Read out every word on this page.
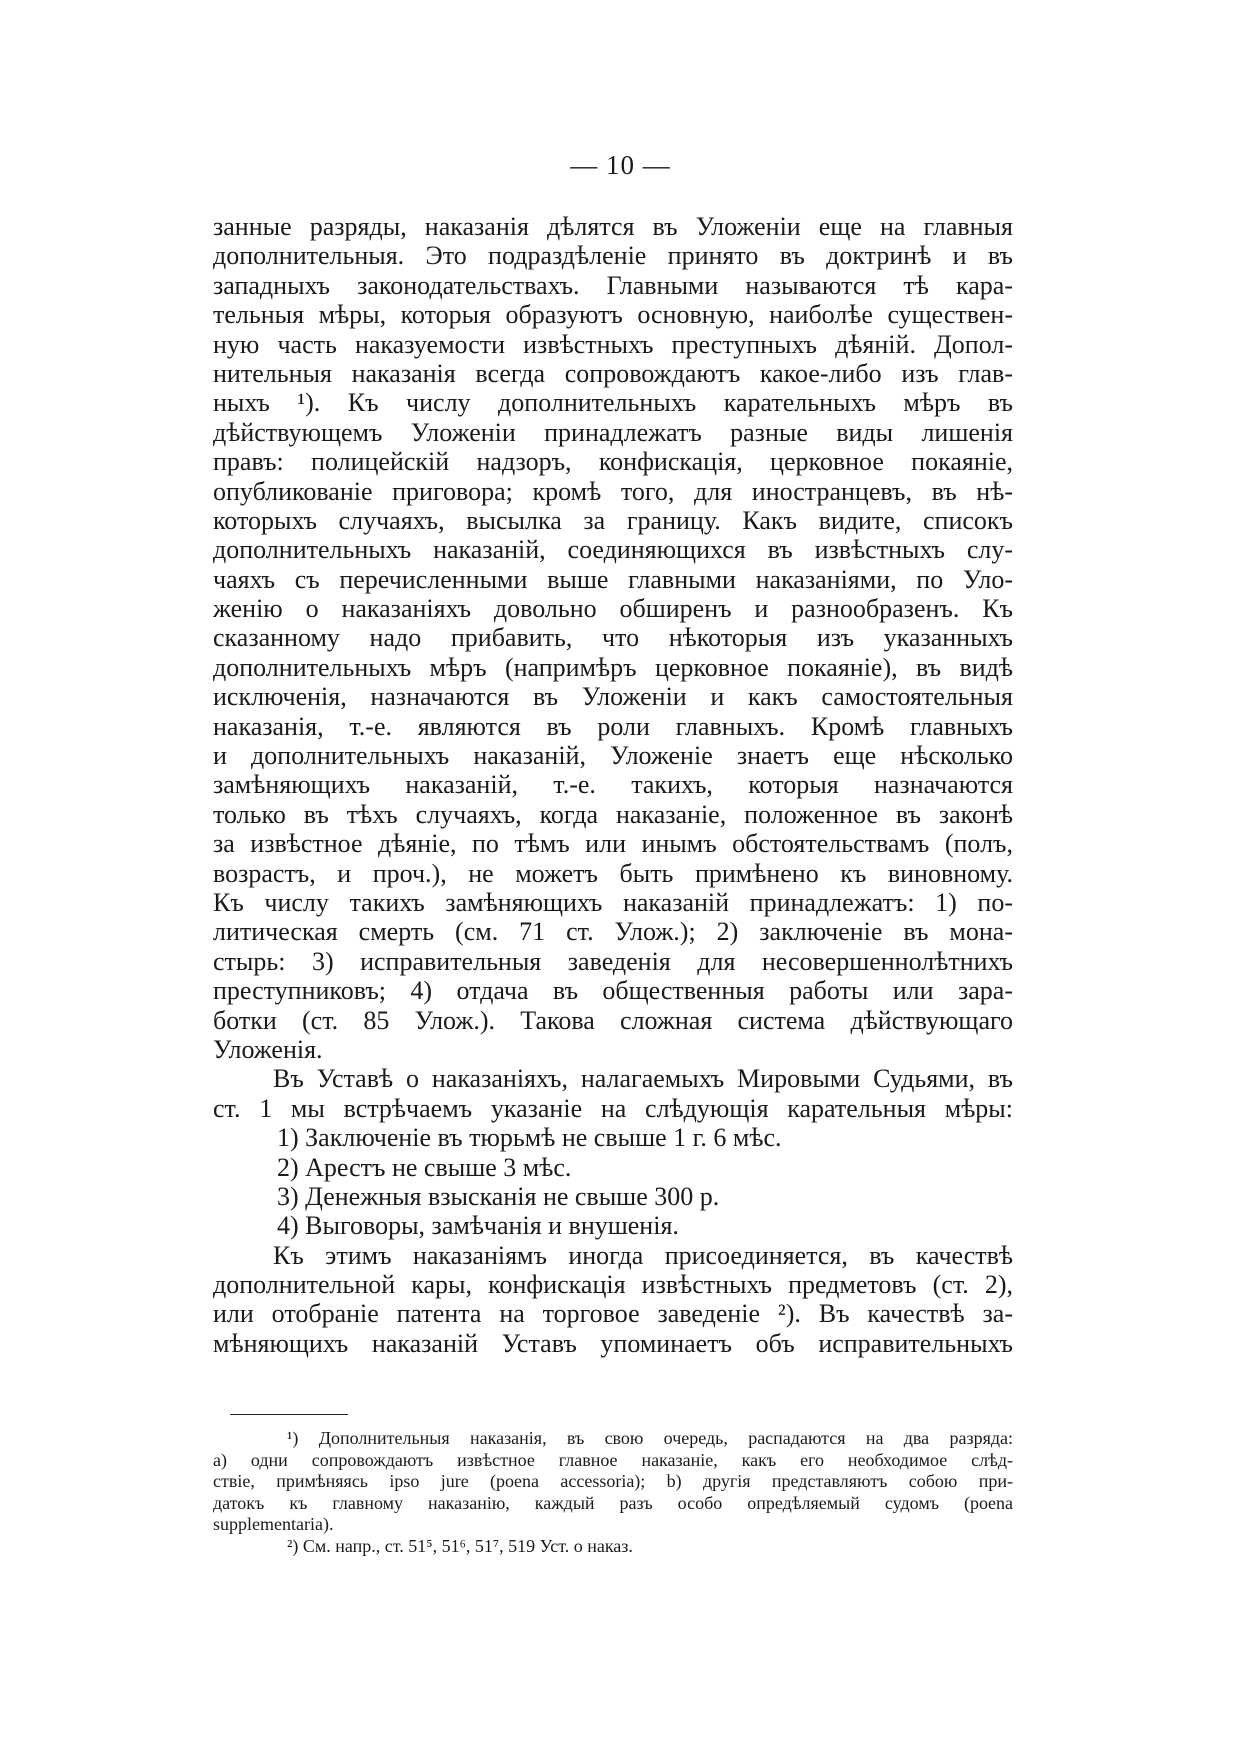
— 10 —
занные разряды, наказанія дѣлятся въ Уложеніи еще на главныя
дополнительныя. Это подраздѣленіе принято въ доктринѣ и въ
западныхъ законодательствахъ. Главными называются тѣ кара-
тельныя мѣры, которыя образуютъ основную, наиболѣе существен-
ную часть наказуемости извѣстныхъ преступныхъ дѣяній. Допол-
нительныя наказанія всегда сопровождаютъ какое-либо изъ глав-
ныхъ ¹). Къ числу дополнительныхъ карательныхъ мѣръ въ
дѣйствующемъ Уложеніи принадлежатъ разные виды лишенія
правъ: полицейскій надзоръ, конфискація, церковное покаяніе,
опубликованіе приговора; кромѣ того, для иностранцевъ, въ нѣ-
которыхъ случаяхъ, высылка за границу. Какъ видите, списокъ
дополнительныхъ наказаній, соединяющихся въ извѣстныхъ слу-
чаяхъ съ перечисленными выше главными наказаніями, по Уло-
женію о наказаніяхъ довольно обширенъ и разнообразенъ. Къ
сказанному надо прибавить, что нѣкоторыя изъ указанныхъ
дополнительныхъ мѣръ (напримѣръ церковное покаяніе), въ видѣ
исключенія, назначаются въ Уложеніи и какъ самостоятельныя
наказанія, т.-е. являются въ роли главныхъ. Кромѣ главныхъ
и дополнительныхъ наказаній, Уложеніе знаетъ еще нѣсколько
замѣняющихъ наказаній, т.-е. такихъ, которыя назначаются
только въ тѣхъ случаяхъ, когда наказаніе, положенное въ законѣ
за извѣстное дѣяніе, по тѣмъ или инымъ обстоятельствамъ (полъ,
возрастъ, и проч.), не можетъ быть примѣнено къ виновному.
Къ числу такихъ замѣняющихъ наказаній принадлежатъ: 1) по-
литическая смерть (см. 71 ст. Улож.); 2) заключеніе въ мона-
стырь: 3) исправительныя заведенія для несовершеннолѣтнихъ
преступниковъ; 4) отдача въ общественныя работы или зара-
ботки (ст. 85 Улож.). Такова сложная система дѣйствующаго
Уложенія.
Въ Уставѣ о наказаніяхъ, налагаемыхъ Мировыми Судьями, въ
ст. 1 мы встрѣчаемъ указаніе на слѣдующія карательныя мѣры:
1) Заключеніе въ тюрьмѣ не свыше 1 г. 6 мѣс.
2) Арестъ не свыше 3 мѣс.
3) Денежныя взысканія не свыше 300 р.
4) Выговоры, замѣчанія и внушенія.
Къ этимъ наказаніямъ иногда присоединяется, въ качествѣ
дополнительной кары, конфискація извѣстныхъ предметовъ (ст. 2),
или отобраніе патента на торговое заведеніе ²). Въ качествѣ за-
мѣняющихъ наказаній Уставъ упоминаетъ объ исправительныхъ
¹) Дополнительныя наказанія, въ свою очередь, распадаются на два разряда:
а) одни сопровождаютъ извѣстное главное наказаніе, какъ его необходимое слѣд-
ствіе, примѣняясь ipso jure (poena accessoria); b) другія представляютъ собою при-
датокъ къ главному наказанію, каждый разъ особо опредѣляемый судомъ (poena
supplementaria).
²) См. напр., ст. 51⁵, 51⁶, 51⁷, 519 Уст. о наказ.
